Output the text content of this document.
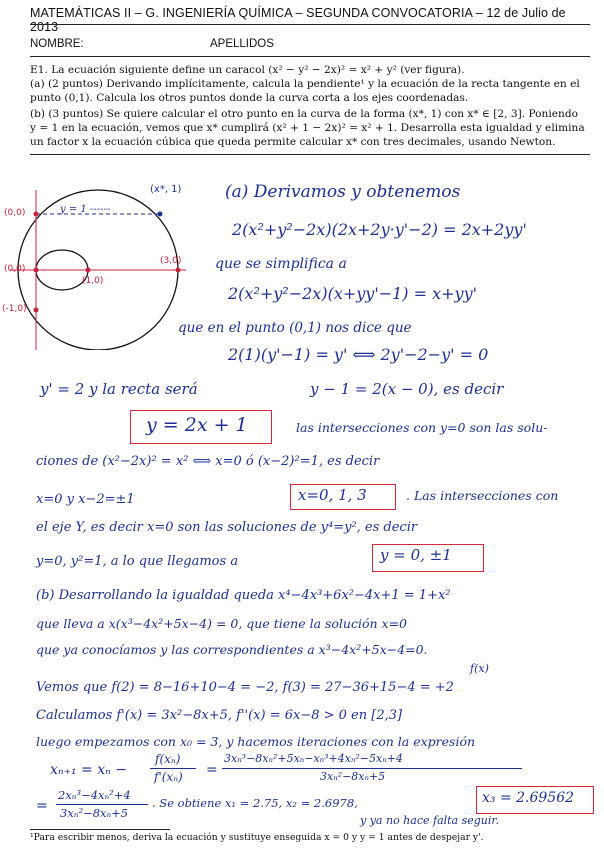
MATEMÁTICAS II – G. INGENIERÍA QUÍMICA – SEGUNDA CONVOCATORIA – 12 de Julio de 2013
NOMBRE:	APELLIDOS
E1. La ecuación siguiente define un caracol (x² − y² − 2x)² = x² + y² (ver figura).
(a) (2 puntos) Derivando implícitamente, calcula la pendiente¹ y la ecuación de la recta tangente en el
punto (0,1). Calcula los otros puntos donde la curva corta a los ejes coordenadas.
(b) (3 puntos) Se quiere calcular el otro punto en la curva de la forma (x*, 1) con x* ∈ [2, 3]. Poniendo
y = 1 en la ecuación, vemos que x* cumplirá (x² + 1 − 2x)² = x² + 1. Desarrolla esta igualdad y elimina
un factor x la ecuación cúbica que queda permite calcular x* con tres decimales, usando Newton.
(x*, 1)
(0,0)
(0,0)
(-1,0)
(1,0)
(3,0)
y = 1 ------
(a) Derivamos y obtenemos
2(x²+y²−2x)(2x+2y·y'−2) = 2x+2yy'
que se simplifica a
2(x²+y²−2x)(x+yy'−1) = x+yy'
que en el punto (0,1) nos dice que
2(1)(y'−1) = y' ⟺ 2y'−2−y' = 0
y' = 2 y la recta será	y − 1 = 2(x − 0), es decir
y = 2x + 1	las intersecciones con y=0 son las solu-
ciones de (x²−2x)² = x² ⟺ x=0 ó (x−2)²=1, es decir
x=0 y x−2=±1	x=0, 1, 3	. Las intersecciones con
el eje Y, es decir x=0 son las soluciones de y⁴=y², es decir
y=0, y²=1, a lo que llegamos a	y = 0, ±1
(b) Desarrollando la igualdad queda x⁴−4x³+6x²−4x+1 = 1+x²
que lleva a x(x³−4x²+5x−4) = 0, que tiene la solución x=0
que ya conocíamos y las correspondientes a x³−4x²+5x−4=0.
f(x)
Vemos que f(2) = 8−16+10−4 = −2, f(3) = 27−36+15−4 = +2
Calculamos f'(x) = 3x²−8x+5, f''(x) = 6x−8 > 0 en [2,3]
luego empezamos con x₀ = 3, y hacemos iteraciones con la expresión
xₙ₊₁ = xₙ −
f(xₙ)
f'(xₙ) =
3xₙ³−8xₙ²+5xₙ−xₙ³+4xₙ²−5xₙ+4
3xₙ²−8xₙ+5
=
2xₙ³−4xₙ²+4
3xₙ²−8xₙ+5
. Se obtiene x₁ = 2.75, x₂ = 2.6978,	x₃ = 2.69562
y ya no hace falta seguir.
¹Para escribir menos, deriva la ecuación y sustituye enseguida x = 0 y y = 1 antes de despejar y'.
